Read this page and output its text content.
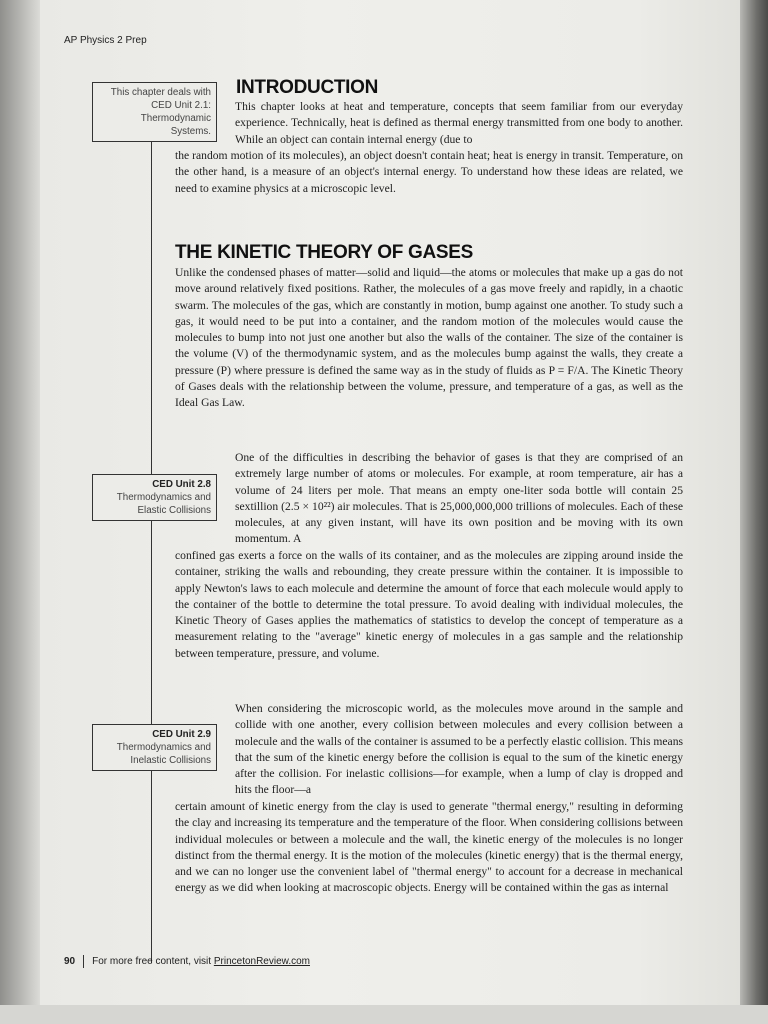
AP Physics 2 Prep
This chapter deals with
CED Unit 2.1:
Thermodynamic Systems.
CED Unit 2.8
Thermodynamics and
Elastic Collisions
CED Unit 2.9
Thermodynamics and
Inelastic Collisions
INTRODUCTION

This chapter looks at heat and temperature, concepts that seem familiar from our everyday experience. Technically, heat is defined as thermal energy transmitted from one body to another. While an object can contain internal energy (due to

the random motion of its molecules), an object doesn't contain heat; heat is energy in transit. Temperature, on the other hand, is a measure of an object's internal energy. To understand how these ideas are related, we need to examine physics at a microscopic level.

THE KINETIC THEORY OF GASES

Unlike the condensed phases of matter—solid and liquid—the atoms or molecules that make up a gas do not move around relatively fixed positions. Rather, the molecules of a gas move freely and rapidly, in a chaotic swarm. The molecules of the gas, which are constantly in motion, bump against one another. To study such a gas, it would need to be put into a container, and the random motion of the molecules would cause the molecules to bump into not just one another but also the walls of the container. The size of the container is the volume (V) of the thermodynamic system, and as the molecules bump against the walls, they create a pressure (P) where pressure is defined the same way as in the study of fluids as P = F/A. The Kinetic Theory of Gases deals with the relationship between the volume, pressure, and temperature of a gas, as well as the Ideal Gas Law.

One of the difficulties in describing the behavior of gases is that they are comprised of an extremely large number of atoms or molecules. For example, at room temperature, air has a volume of 24 liters per mole. That means an empty one-liter soda bottle will contain 25 sextillion (2.5 × 10²²) air molecules. That is 25,000,000,000 trillions of molecules. Each of these molecules, at any given instant, will have its own position and be moving with its own momentum. A

confined gas exerts a force on the walls of its container, and as the molecules are zipping around inside the container, striking the walls and rebounding, they create pressure within the container. It is impossible to apply Newton's laws to each molecule and determine the amount of force that each molecule would apply to the container of the bottle to determine the total pressure. To avoid dealing with individual molecules, the Kinetic Theory of Gases applies the mathematics of statistics to develop the concept of temperature as a measurement relating to the "average" kinetic energy of molecules in a gas sample and the relationship between temperature, pressure, and volume.

When considering the microscopic world, as the molecules move around in the sample and collide with one another, every collision between molecules and every collision between a molecule and the walls of the container is assumed to be a perfectly elastic collision. This means that the sum of the kinetic energy before the collision is equal to the sum of the kinetic energy after the collision. For inelastic collisions—for example, when a lump of clay is dropped and hits the floor—a

certain amount of kinetic energy from the clay is used to generate "thermal energy," resulting in deforming the clay and increasing its temperature and the temperature of the floor. When considering collisions between individual molecules or between a molecule and the wall, the kinetic energy of the molecules is no longer distinct from the thermal energy. It is the motion of the molecules (kinetic energy) that is the thermal energy, and we can no longer use the convenient label of "thermal energy" to account for a decrease in mechanical energy as we did when looking at macroscopic objects. Energy will be contained within the gas as internal

90 For more free content, visit PrincetonReview.com
